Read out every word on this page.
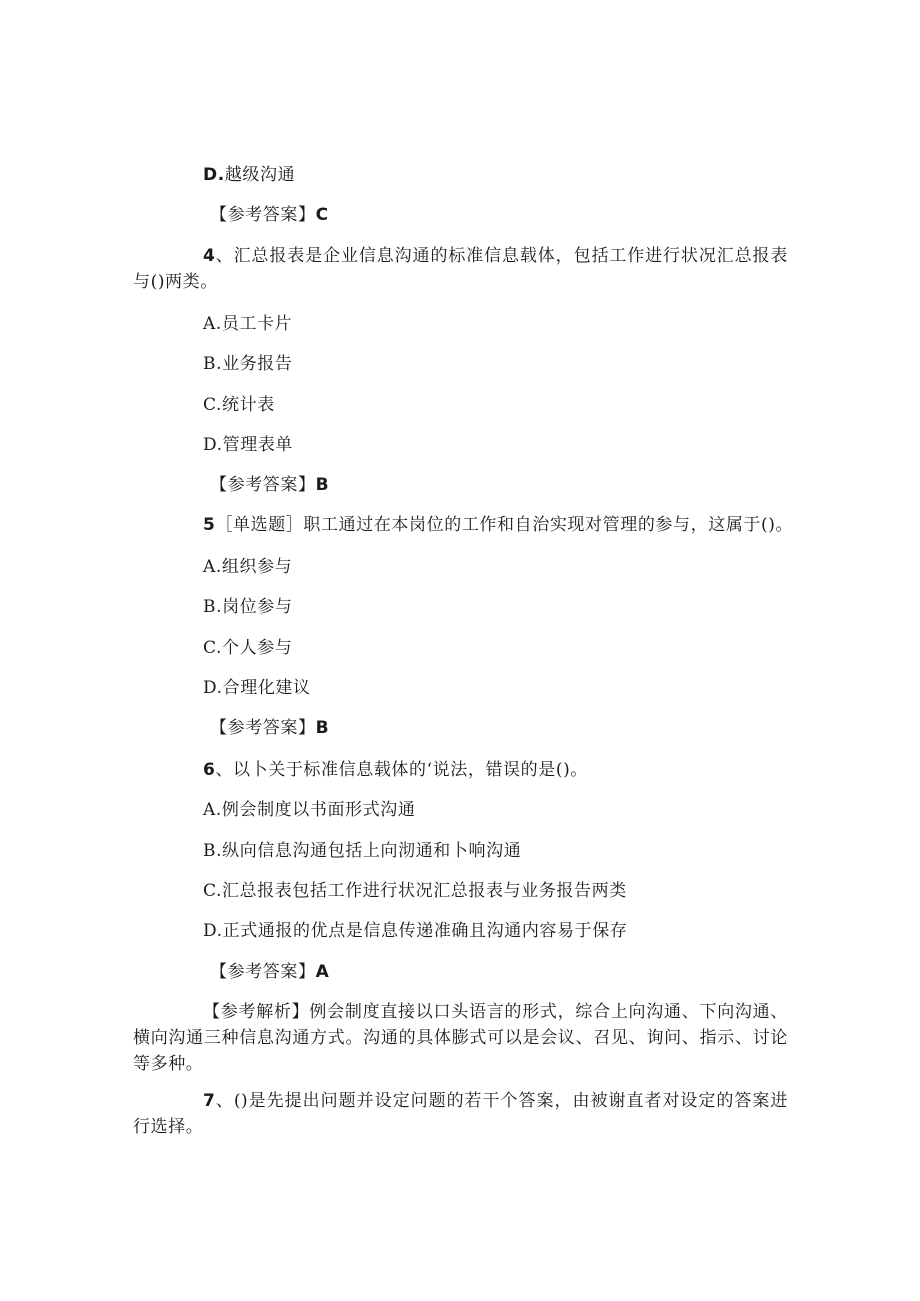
D.越级沟通
【参考答案】C
4、汇总报表是企业信息沟通的标准信息载体，包括工作进行状况汇总报表与()两类。
A.员工卡片
B.业务报告
C.统计表
D.管理表单
【参考答案】B
5［单选题］职工通过在本岗位的工作和自治实现对管理的参与，这属于()。
A.组织参与
B.岗位参与
C.个人参与
D.合理化建议
【参考答案】B
6、以卜关于标准信息载体的‘说法，错误的是()。
A.例会制度以书面形式沟通
B.纵向信息沟通包括上向沏通和卜响沟通
C.汇总报表包括工作进行状况汇总报表与业务报告两类
D.正式通报的优点是信息传递准确且沟通内容易于保存
【参考答案】A
【参考解析】例会制度直接以口头语言的形式，综合上向沟通、下向沟通、横向沟通三种信息沟通方式。沟通的具体膨式可以是会议、召见、询问、指示、讨论等多种。
7、()是先提出问题并设定问题的若干个答案，由被谢直者对设定的答案进行选择。
